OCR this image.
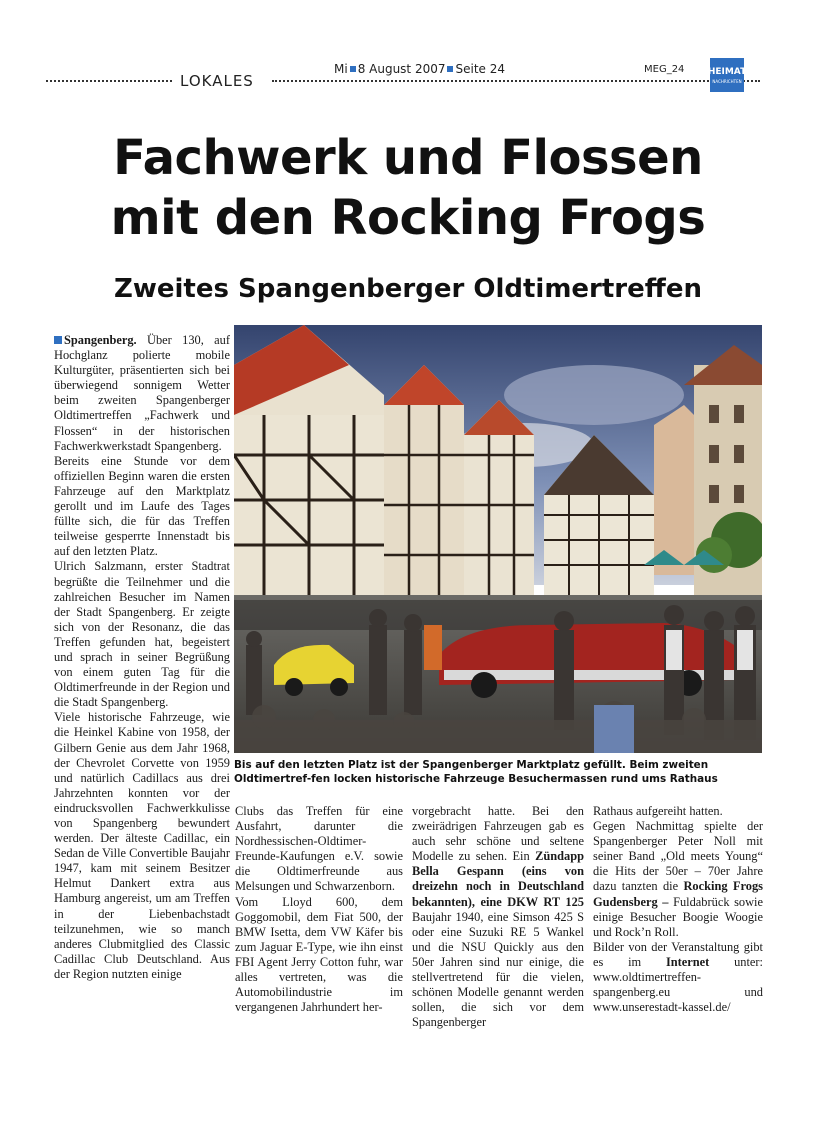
LOKALES
Mi 8 August 2007 Seite 24	MEG_24	HEIMAT
NACHRICHTEN
Fachwerk und Flossen
mit den Rocking Frogs
Zweites Spangenberger Oldtimertreffen

Spangenberg. Über 130, auf Hochglanz polierte mobile Kulturgüter, präsentierten sich bei überwiegend sonnigem Wetter beim zweiten Spangenberger Oldtimertreffen „Fachwerk und Flossen“ in der historischen Fachwerkwerkstadt Spangenberg.

Bereits eine Stunde vor dem offiziellen Beginn waren die ersten Fahrzeuge auf den Marktplatz gerollt und im Laufe des Tages füllte sich, die für das Treffen teilweise gesperrte Innenstadt bis auf den letzten Platz.

Ulrich Salzmann, erster Stadtrat begrüßte die Teilnehmer und die zahlreichen Besucher im Namen der Stadt Spangenberg. Er zeigte sich von der Resonanz, die das Treffen gefunden hat, begeistert und sprach in seiner Begrüßung von einem guten Tag für die Oldtimerfreunde in der Region und die Stadt Spangenberg.

Viele historische Fahrzeuge, wie die Heinkel Kabine von 1958, der Gilbern Genie aus dem Jahr 1968, der Chevrolet Corvette von 1959 und natürlich Cadillacs aus drei Jahrzehnten konnten vor der eindrucksvollen Fachwerkkulisse von Spangenberg bewundert werden. Der älteste Cadillac, ein Sedan de Ville Convertible Baujahr 1947, kam mit seinem Besitzer Helmut Dankert extra aus Hamburg angereist, um am Treffen in der Liebenbachstadt teilzunehmen, wie so manch anderes Clubmitglied des Classic Cadillac Club Deutschland. Aus der Region nutzten einige

Bis auf den letzten Platz ist der Spangenberger Marktplatz gefüllt. Beim zweiten Oldtimertref-fen locken historische Fahrzeuge Besuchermassen rund ums Rathaus

Clubs das Treffen für eine Ausfahrt, darunter die Nordhessischen-Oldtimer-Freunde-Kaufungen e.V. sowie die Oldtimerfreunde aus Melsungen und Schwarzenborn.

Vom Lloyd 600, dem Goggomobil, dem Fiat 500, der BMW Isetta, dem VW Käfer bis zum Jaguar E-Type, wie ihn einst FBI Agent Jerry Cotton fuhr, war alles vertreten, was die Automobilindustrie im vergangenen Jahrhundert her-

vorgebracht hatte. Bei den zweirädrigen Fahrzeugen gab es auch sehr schöne und seltene Modelle zu sehen. Ein Zündapp Bella Gespann (eins von dreizehn noch in Deutschland bekannten), eine DKW RT 125 Baujahr 1940, eine Simson 425 S oder eine Suzuki RE 5 Wankel und die NSU Quickly aus den 50er Jahren sind nur einige, die stellvertretend für die vielen, schönen Modelle genannt werden sollen, die sich vor dem Spangenberger

Rathaus aufgereiht hatten.

Gegen Nachmittag spielte der Spangenberger Peter Noll mit seiner Band „Old meets Young“ die Hits der 50er – 70er Jahre dazu tanzten die Rocking Frogs Gudensberg – Fuldabrück sowie einige Besucher Boogie Woogie und Rock’n Roll.

Bilder von der Veranstaltung gibt es im Internet unter: www.oldtimertreffen-spangenberg.eu und www.unserestadt-kassel.de/
